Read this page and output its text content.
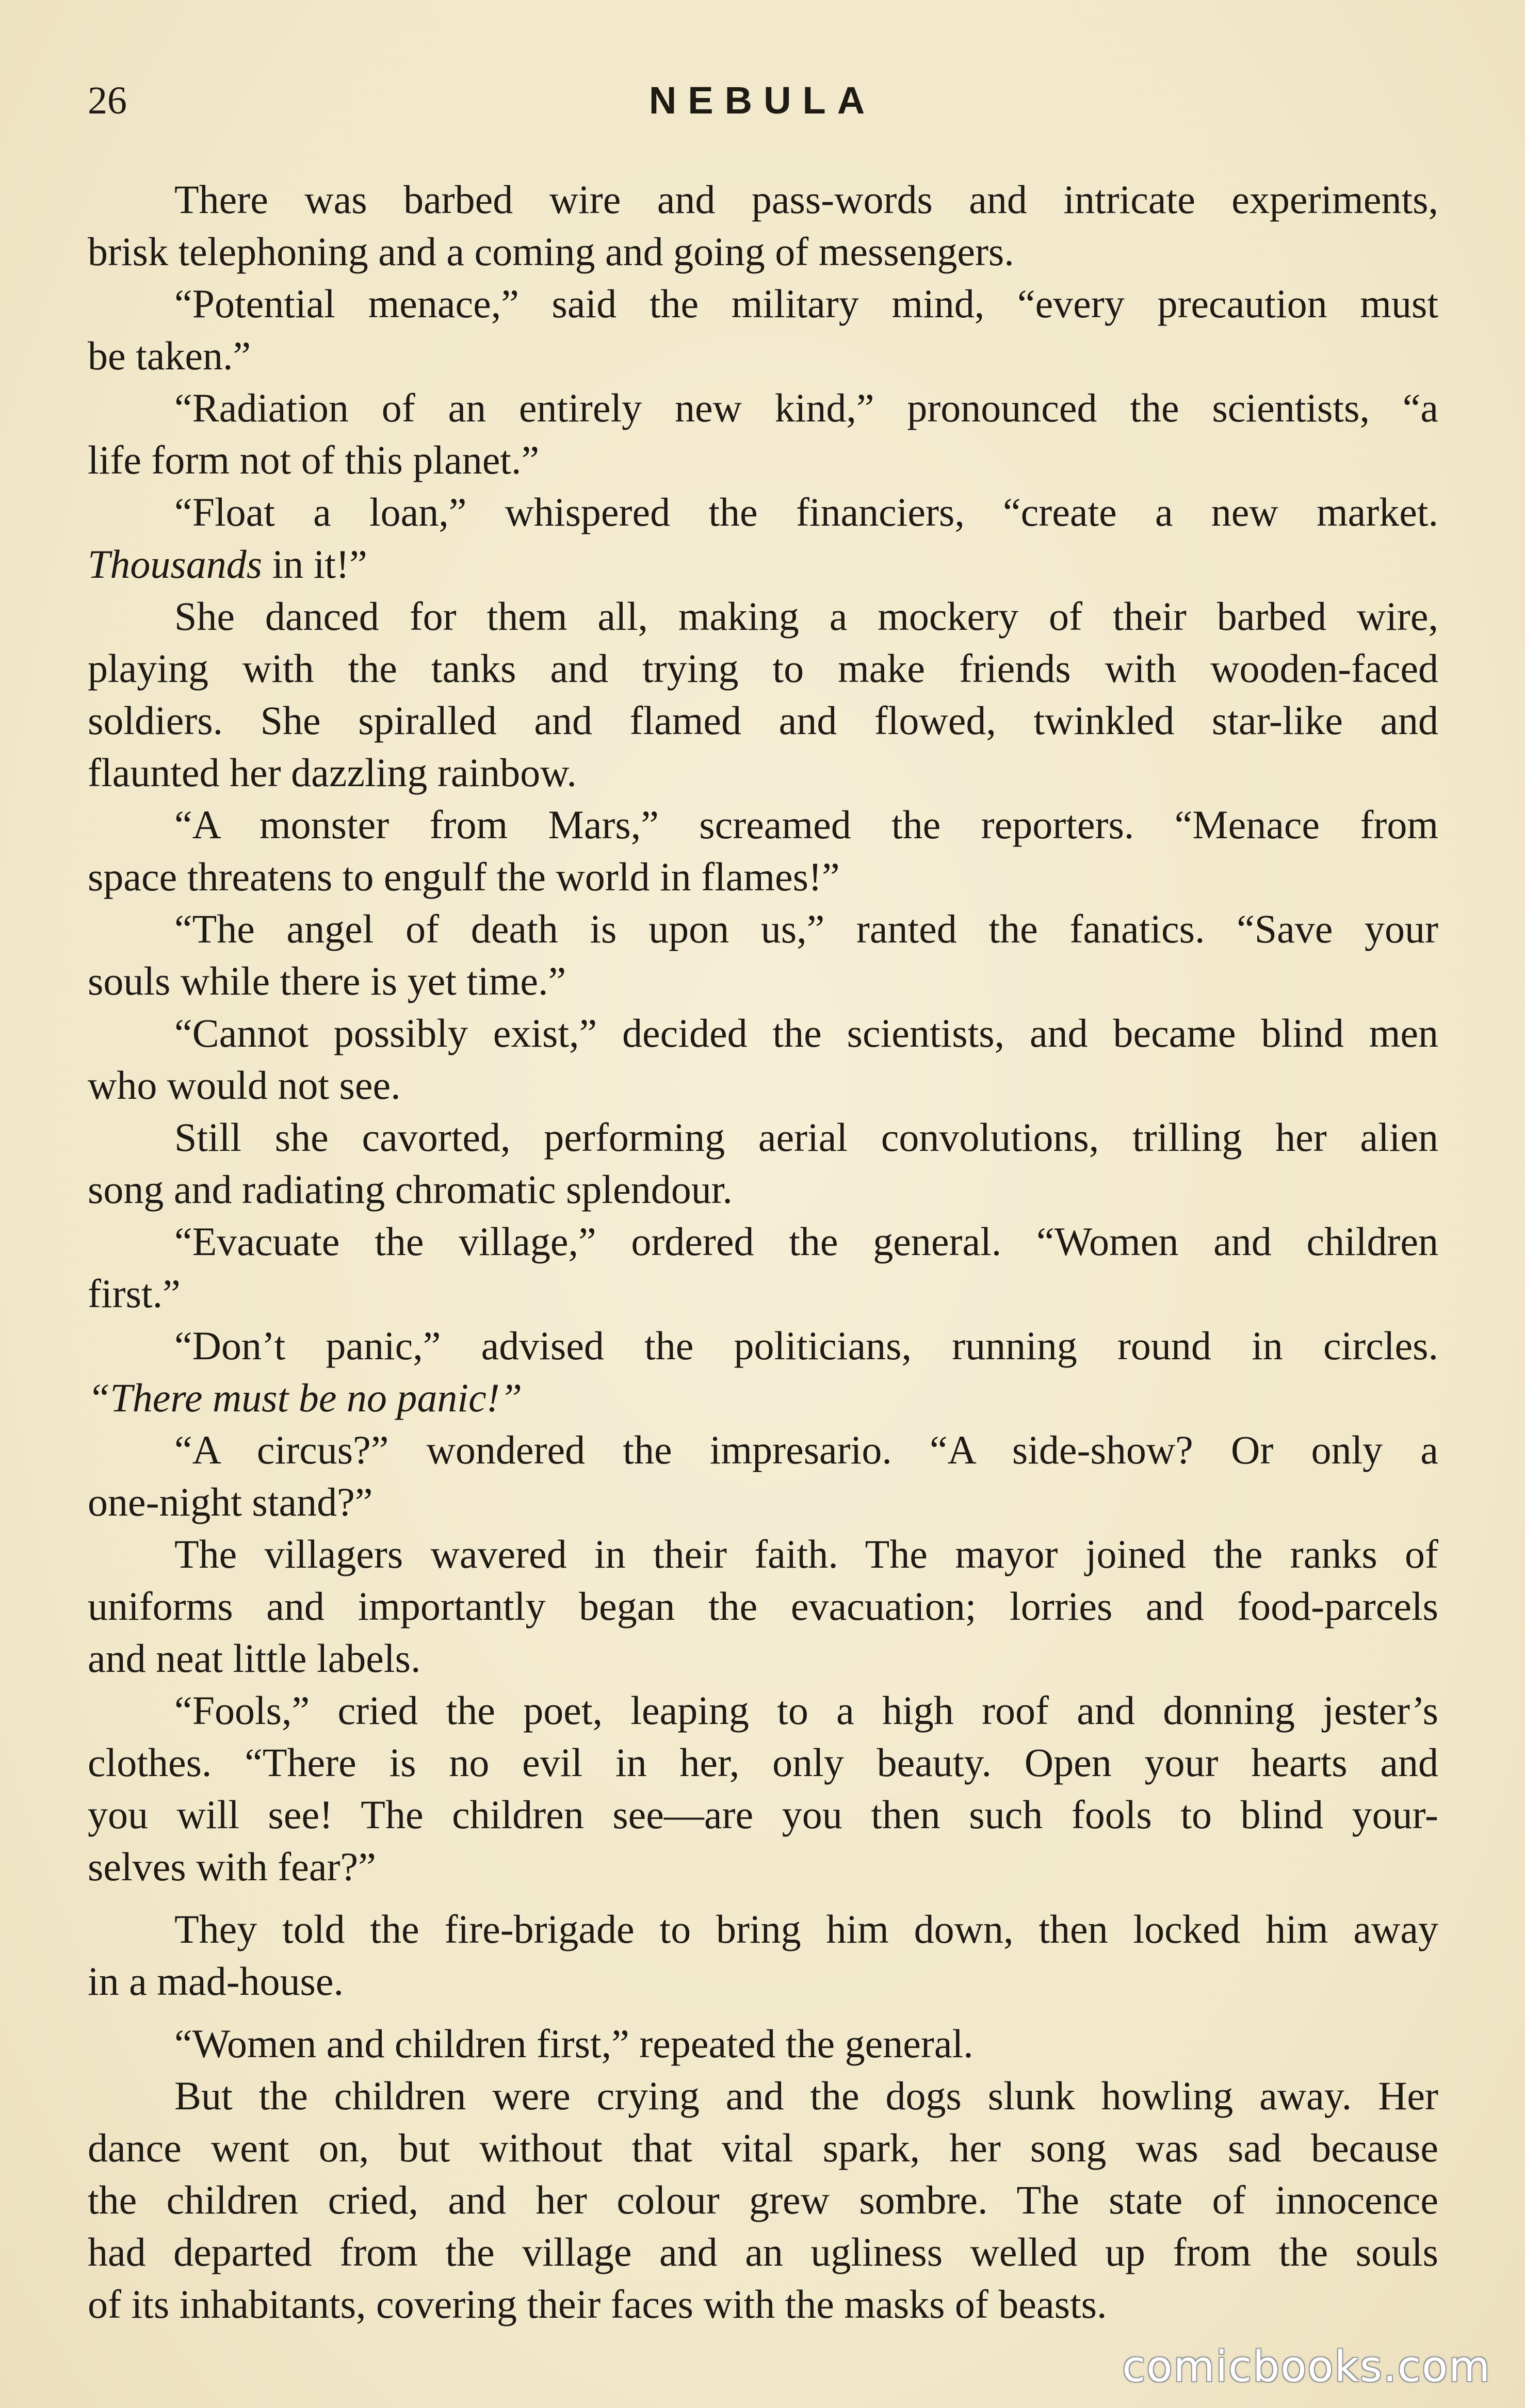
26	NEBULA
There was barbed wire and pass-words and intricate experiments,
brisk telephoning and a coming and going of messengers.
“Potential menace,” said the military mind, “every precaution must
be taken.”
“Radiation of an entirely new kind,” pronounced the scientists, “a
life form not of this planet.”
“Float a loan,” whispered the financiers, “create a new market.
Thousands in it!”
She danced for them all, making a mockery of their barbed wire,
playing with the tanks and trying to make friends with wooden-faced
soldiers. She spiralled and flamed and flowed, twinkled star-like and
flaunted her dazzling rainbow.
“A monster from Mars,” screamed the reporters. “Menace from
space threatens to engulf the world in flames!”
“The angel of death is upon us,” ranted the fanatics. “Save your
souls while there is yet time.”
“Cannot possibly exist,” decided the scientists, and became blind men
who would not see.
Still she cavorted, performing aerial convolutions, trilling her alien
song and radiating chromatic splendour.
“Evacuate the village,” ordered the general. “Women and children
first.”
“Don’t panic,” advised the politicians, running round in circles.
“There must be no panic!”
“A circus?” wondered the impresario. “A side-show? Or only a
one-night stand?”
The villagers wavered in their faith. The mayor joined the ranks of
uniforms and importantly began the evacuation; lorries and food-parcels
and neat little labels.
“Fools,” cried the poet, leaping to a high roof and donning jester’s
clothes. “There is no evil in her, only beauty. Open your hearts and
you will see! The children see—are you then such fools to blind your-
selves with fear?”
They told the fire-brigade to bring him down, then locked him away
in a mad-house.
“Women and children first,” repeated the general.
But the children were crying and the dogs slunk howling away. Her
dance went on, but without that vital spark, her song was sad because
the children cried, and her colour grew sombre. The state of innocence
had departed from the village and an ugliness welled up from the souls
of its inhabitants, covering their faces with the masks of beasts.
comicbooks.com
